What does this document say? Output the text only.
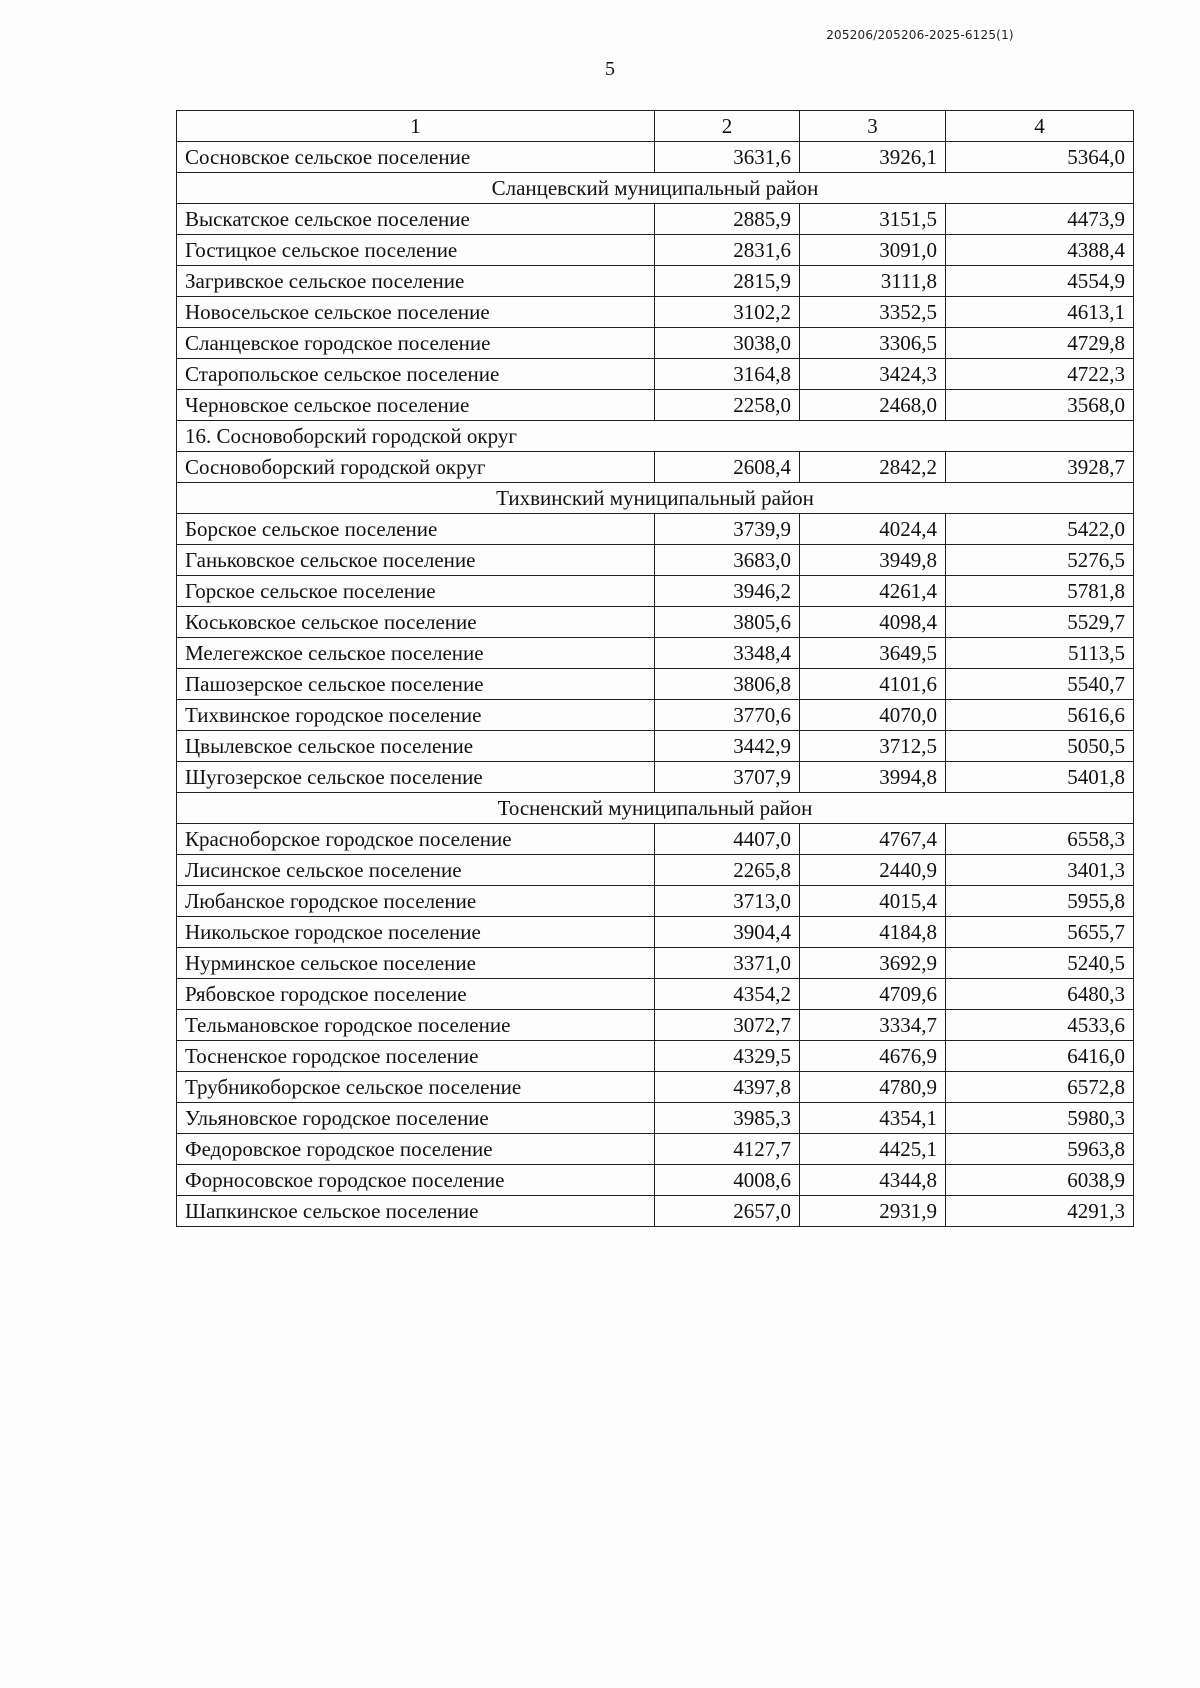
205206/205206-2025-6125(1)
5
1	2	3	4
Сосновское сельское поселение	3631,6	3926,1	5364,0
Сланцевский муниципальный район			
Выскатское сельское поселение	2885,9	3151,5	4473,9
Гостицкое сельское поселение	2831,6	3091,0	4388,4
Загривское сельское поселение	2815,9	3111,8	4554,9
Новосельское сельское поселение	3102,2	3352,5	4613,1
Сланцевское городское поселение	3038,0	3306,5	4729,8
Старопольское сельское поселение	3164,8	3424,3	4722,3
Черновское сельское поселение	2258,0	2468,0	3568,0
16. Сосновоборский городской округ			
Сосновоборский городской округ	2608,4	2842,2	3928,7
Тихвинский муниципальный район			
Борское сельское поселение	3739,9	4024,4	5422,0
Ганьковское сельское поселение	3683,0	3949,8	5276,5
Горское сельское поселение	3946,2	4261,4	5781,8
Коськовское сельское поселение	3805,6	4098,4	5529,7
Мелегежское сельское поселение	3348,4	3649,5	5113,5
Пашозерское сельское поселение	3806,8	4101,6	5540,7
Тихвинское городское поселение	3770,6	4070,0	5616,6
Цвылевское сельское поселение	3442,9	3712,5	5050,5
Шугозерское сельское поселение	3707,9	3994,8	5401,8
Тосненский муниципальный район			
Красноборское городское поселение	4407,0	4767,4	6558,3
Лисинское сельское поселение	2265,8	2440,9	3401,3
Любанское городское поселение	3713,0	4015,4	5955,8
Никольское городское поселение	3904,4	4184,8	5655,7
Нурминское сельское поселение	3371,0	3692,9	5240,5
Рябовское городское поселение	4354,2	4709,6	6480,3
Тельмановское городское поселение	3072,7	3334,7	4533,6
Тосненское городское поселение	4329,5	4676,9	6416,0
Трубникоборское сельское поселение	4397,8	4780,9	6572,8
Ульяновское городское поселение	3985,3	4354,1	5980,3
Федоровское городское поселение	4127,7	4425,1	5963,8
Форносовское городское поселение	4008,6	4344,8	6038,9
Шапкинское сельское поселение	2657,0	2931,9	4291,3
